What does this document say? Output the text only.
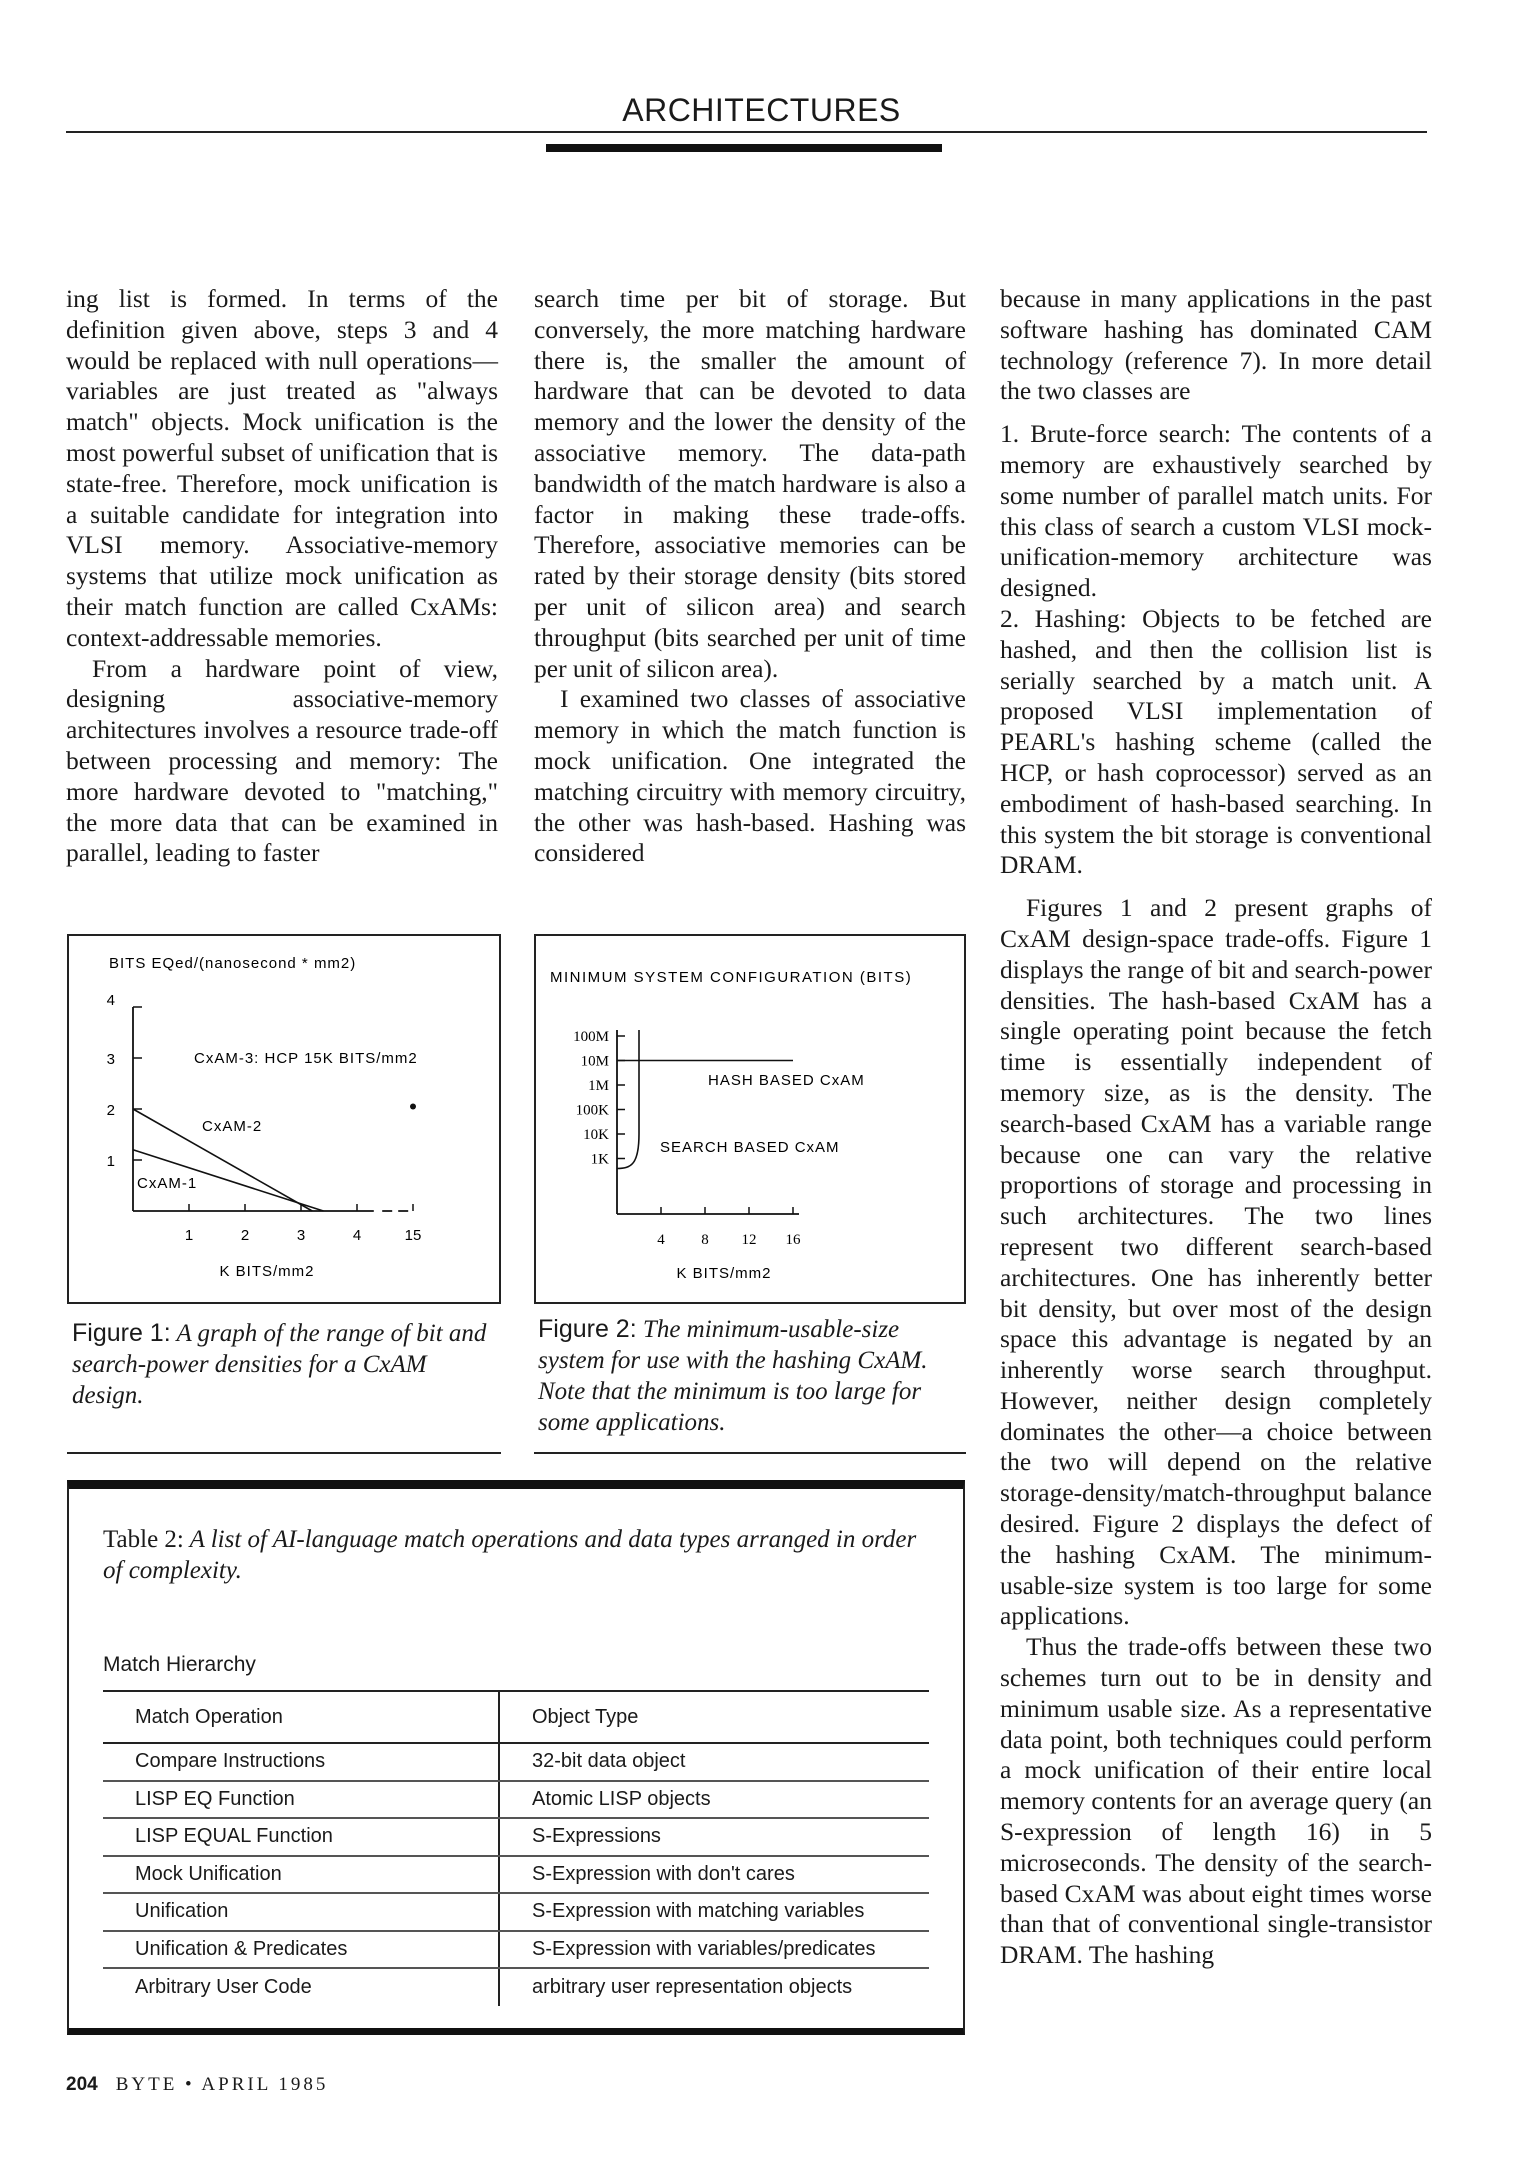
ARCHITECTURES

ing list is formed. In terms of the definition given above, steps 3 and 4 would be replaced with null operations—variables are just treated as "always match" objects. Mock unification is the most powerful subset of unification that is state-free. Therefore, mock unification is a suitable candidate for integration into VLSI memory. Associative-memory systems that utilize mock unification as their match function are called CxAMs: context-addressable memories.

From a hardware point of view, designing associative-memory architectures involves a resource trade-off between processing and memory: The more hardware devoted to "matching," the more data that can be examined in parallel, leading to faster

search time per bit of storage. But conversely, the more matching hardware there is, the smaller the amount of hardware that can be devoted to data memory and the lower the density of the associative memory. The data-path bandwidth of the match hardware is also a factor in making these trade-offs. Therefore, associative memories can be rated by their storage density (bits stored per unit of silicon area) and search throughput (bits searched per unit of time per unit of silicon area).

I examined two classes of associative memory in which the match function is mock unification. One integrated the matching circuitry with memory circuitry, the other was hash-based. Hashing was considered

because in many applications in the past software hashing has dominated CAM technology (reference 7). In more detail the two classes are

1. Brute-force search: The contents of a memory are exhaustively searched by some number of parallel match units. For this class of search a custom VLSI mock-unification-memory architecture was designed.

2. Hashing: Objects to be fetched are hashed, and then the collision list is serially searched by a match unit. A proposed VLSI implementation of PEARL's hashing scheme (called the HCP, or hash coprocessor) served as an embodiment of hash-based searching. In this system the bit storage is conventional DRAM.

Figures 1 and 2 present graphs of CxAM design-space trade-offs. Figure 1 displays the range of bit and search-power densities. The hash-based CxAM has a single operating point because the fetch time is essentially independent of memory size, as is the density. The search-based CxAM has a variable range because one can vary the relative proportions of storage and processing in such architectures. The two lines represent two different search-based architectures. One has inherently better bit density, but over most of the design space this advantage is negated by an inherently worse search throughput. However, neither design completely dominates the other—a choice between the two will depend on the relative storage-density/match-throughput balance desired. Figure 2 displays the defect of the hashing CxAM. The minimum-usable-size system is too large for some applications.

Thus the trade-offs between these two schemes turn out to be in density and minimum usable size. As a representative data point, both techniques could perform a mock unification of their entire local memory contents for an average query (an S-expression of length 16) in 5 microseconds. The density of the search-based CxAM was about eight times worse than that of conventional single-transistor DRAM. The hashing

BITS EQed/(nanosecond * mm2)
1
2
3
4
1	2	3	4	15
K BITS/mm2
CxAM-3: HCP 15K BITS/mm2
CxAM-2
CxAM-1
Figure 1: A graph of the range of bit and search-power densities for a CxAM design.
MINIMUM SYSTEM CONFIGURATION (BITS)
100M
10M
1M
100K
10K
1K
4 8 12 16
K BITS/mm2
HASH BASED CxAM
SEARCH BASED CxAM
Figure 2: The minimum-usable-size system for use with the hashing CxAM. Note that the minimum is too large for some applications.
Table 2: A list of AI-language match operations and data types arranged in order of complexity.
Match Hierarchy
Match Operation	Object Type
Compare Instructions	32-bit data object
LISP EQ Function	Atomic LISP objects
LISP EQUAL Function	S-Expressions
Mock Unification	S-Expression with don't cares
Unification	S-Expression with matching variables
Unification & Predicates	S-Expression with variables/predicates
Arbitrary User Code	arbitrary user representation objects
204 BYTE • APRIL 1985
